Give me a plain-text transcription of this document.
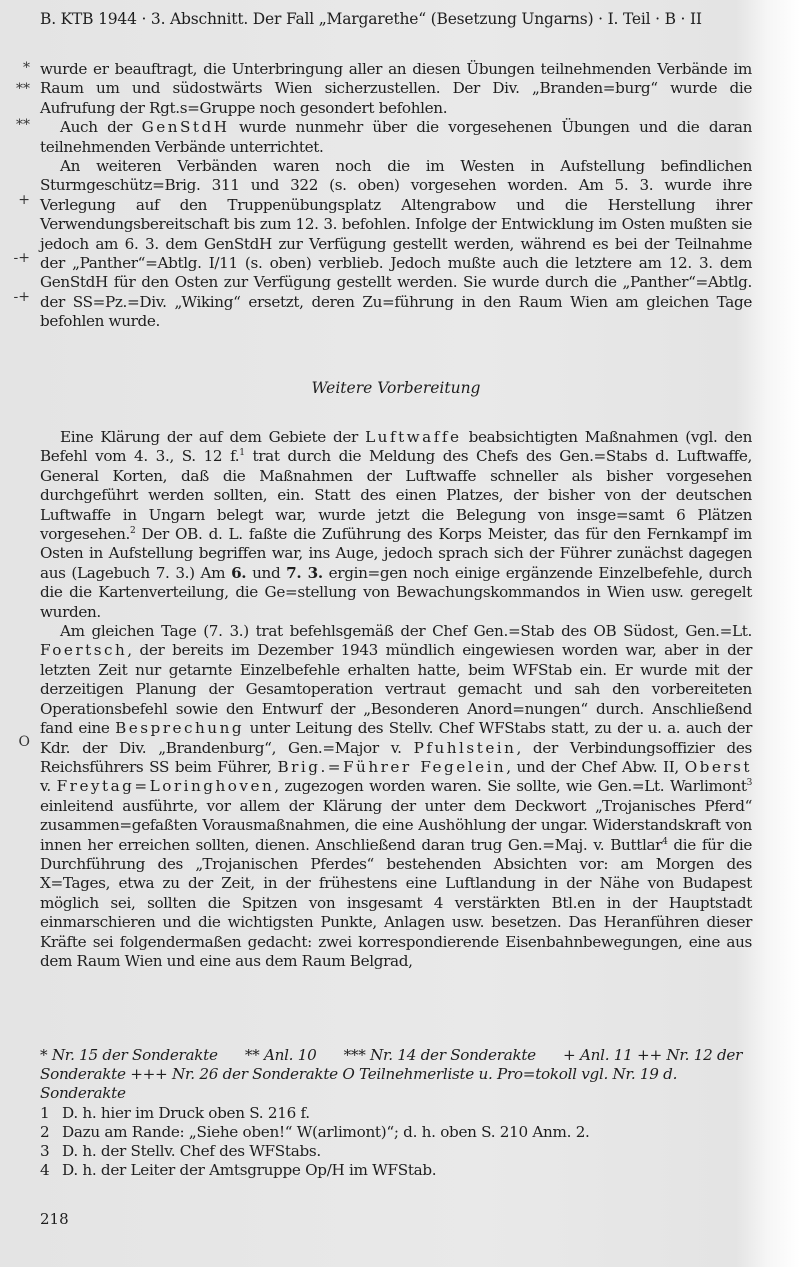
B. KTB 1944 · 3. Abschnitt. Der Fall „Margarethe“ (Besetzung Ungarns) · I. Teil · B · II
*
**
**
+
-+
-+
O

wurde er beauftragt, die Unterbringung aller an diesen Übungen teilnehmenden Verbände im Raum um und südostwärts Wien sicherzustellen. Der Div. „Branden=burg“ wurde die Aufrufung der Rgt.s=Gruppe noch gesondert befohlen.

Auch der GenStdH wurde nunmehr über die vorgesehenen Übungen und die daran teilnehmenden Verbände unterrichtet.

An weiteren Verbänden waren noch die im Westen in Aufstellung befindlichen Sturmgeschütz=Brig. 311 und 322 (s. oben) vorgesehen worden. Am 5. 3. wurde ihre Verlegung auf den Truppenübungsplatz Altengrabow und die Herstellung ihrer Verwendungsbereitschaft bis zum 12. 3. befohlen. Infolge der Entwicklung im Osten mußten sie jedoch am 6. 3. dem GenStdH zur Verfügung gestellt werden, während es bei der Teilnahme der „Panther“=Abtlg. I/11 (s. oben) verblieb. Jedoch mußte auch die letztere am 12. 3. dem GenStdH für den Osten zur Verfügung gestellt werden. Sie wurde durch die „Panther“=Abtlg. der SS=Pz.=Div. „Wiking“ ersetzt, deren Zu=führung in den Raum Wien am gleichen Tage befohlen wurde.

Weitere Vorbereitung

Eine Klärung der auf dem Gebiete der Luftwaffe beabsichtigten Maßnahmen (vgl. den Befehl vom 4. 3., S. 12 f.$^1$ trat durch die Meldung des Chefs des Gen.=Stabs d. Luftwaffe, General Korten, daß die Maßnahmen der Luftwaffe schneller als bisher vorgesehen durchgeführt werden sollten, ein. Statt des einen Platzes, der bisher von der deutschen Luftwaffe in Ungarn belegt war, wurde jetzt die Belegung von insge=samt 6 Plätzen vorgesehen.$^2$ Der OB. d. L. faßte die Zuführung des Korps Meister, das für den Fernkampf im Osten in Aufstellung begriffen war, ins Auge, jedoch sprach sich der Führer zunächst dagegen aus (Lagebuch 7. 3.) Am 6. und 7. 3. ergin=gen noch einige ergänzende Einzelbefehle, durch die die Kartenverteilung, die Ge=stellung von Bewachungskommandos in Wien usw. geregelt wurden.

Am gleichen Tage (7. 3.) trat befehlsgemäß der Chef Gen.=Stab des OB Südost, Gen.=Lt. Foertsch, der bereits im Dezember 1943 mündlich eingewiesen worden war, aber in der letzten Zeit nur getarnte Einzelbefehle erhalten hatte, beim WFStab ein. Er wurde mit der derzeitigen Planung der Gesamtoperation vertraut gemacht und sah den vorbereiteten Operationsbefehl sowie den Entwurf der „Besonderen Anord=nungen“ durch. Anschließend fand eine Besprechung unter Leitung des Stellv. Chef WFStabs statt, zu der u. a. auch der Kdr. der Div. „Brandenburg“, Gen.=Major v. Pfuhlstein, der Verbindungsoffizier des Reichsführers SS beim Führer, Brig.=Führer Fegelein, und der Chef Abw. II, Oberst v. Freytag=Loringhoven, zugezogen worden waren. Sie sollte, wie Gen.=Lt. Warlimont$^3$ einleitend ausführte, vor allem der Klärung der unter dem Deckwort „Trojanisches Pferd“ zusammen=gefaßten Vorausmaßnahmen, die eine Aushöhlung der ungar. Widerstandskraft von innen her erreichen sollten, dienen. Anschließend daran trug Gen.=Maj. v. Buttlar$^4$ die für die Durchführung des „Trojanischen Pferdes“ bestehenden Absichten vor: am Morgen des X=Tages, etwa zu der Zeit, in der frühestens eine Luftlandung in der Nähe von Budapest möglich sei, sollten die Spitzen von insgesamt 4 verstärkten Btl.en in der Hauptstadt einmarschieren und die wichtigsten Punkte, Anlagen usw. besetzen. Das Heranführen dieser Kräfte sei folgendermaßen gedacht: zwei korrespondierende Eisenbahnbewegungen, eine aus dem Raum Wien und eine aus dem Raum Belgrad,

* Nr. 15 der Sonderakte ** Anl. 10 *** Nr. 14 der Sonderakte + Anl. 11 ++ Nr. 12 der Sonderakte +++ Nr. 26 der Sonderakte O Teilnehmerliste u. Pro=tokoll vgl. Nr. 19 d. Sonderakte
1 D. h. hier im Druck oben S. 216 f.
2 Dazu am Rande: „Siehe oben!“ W(arlimont)“; d. h. oben S. 210 Anm. 2.
3 D. h. der Stellv. Chef des WFStabs.
4 D. h. der Leiter der Amtsgruppe Op/H im WFStab.
218
